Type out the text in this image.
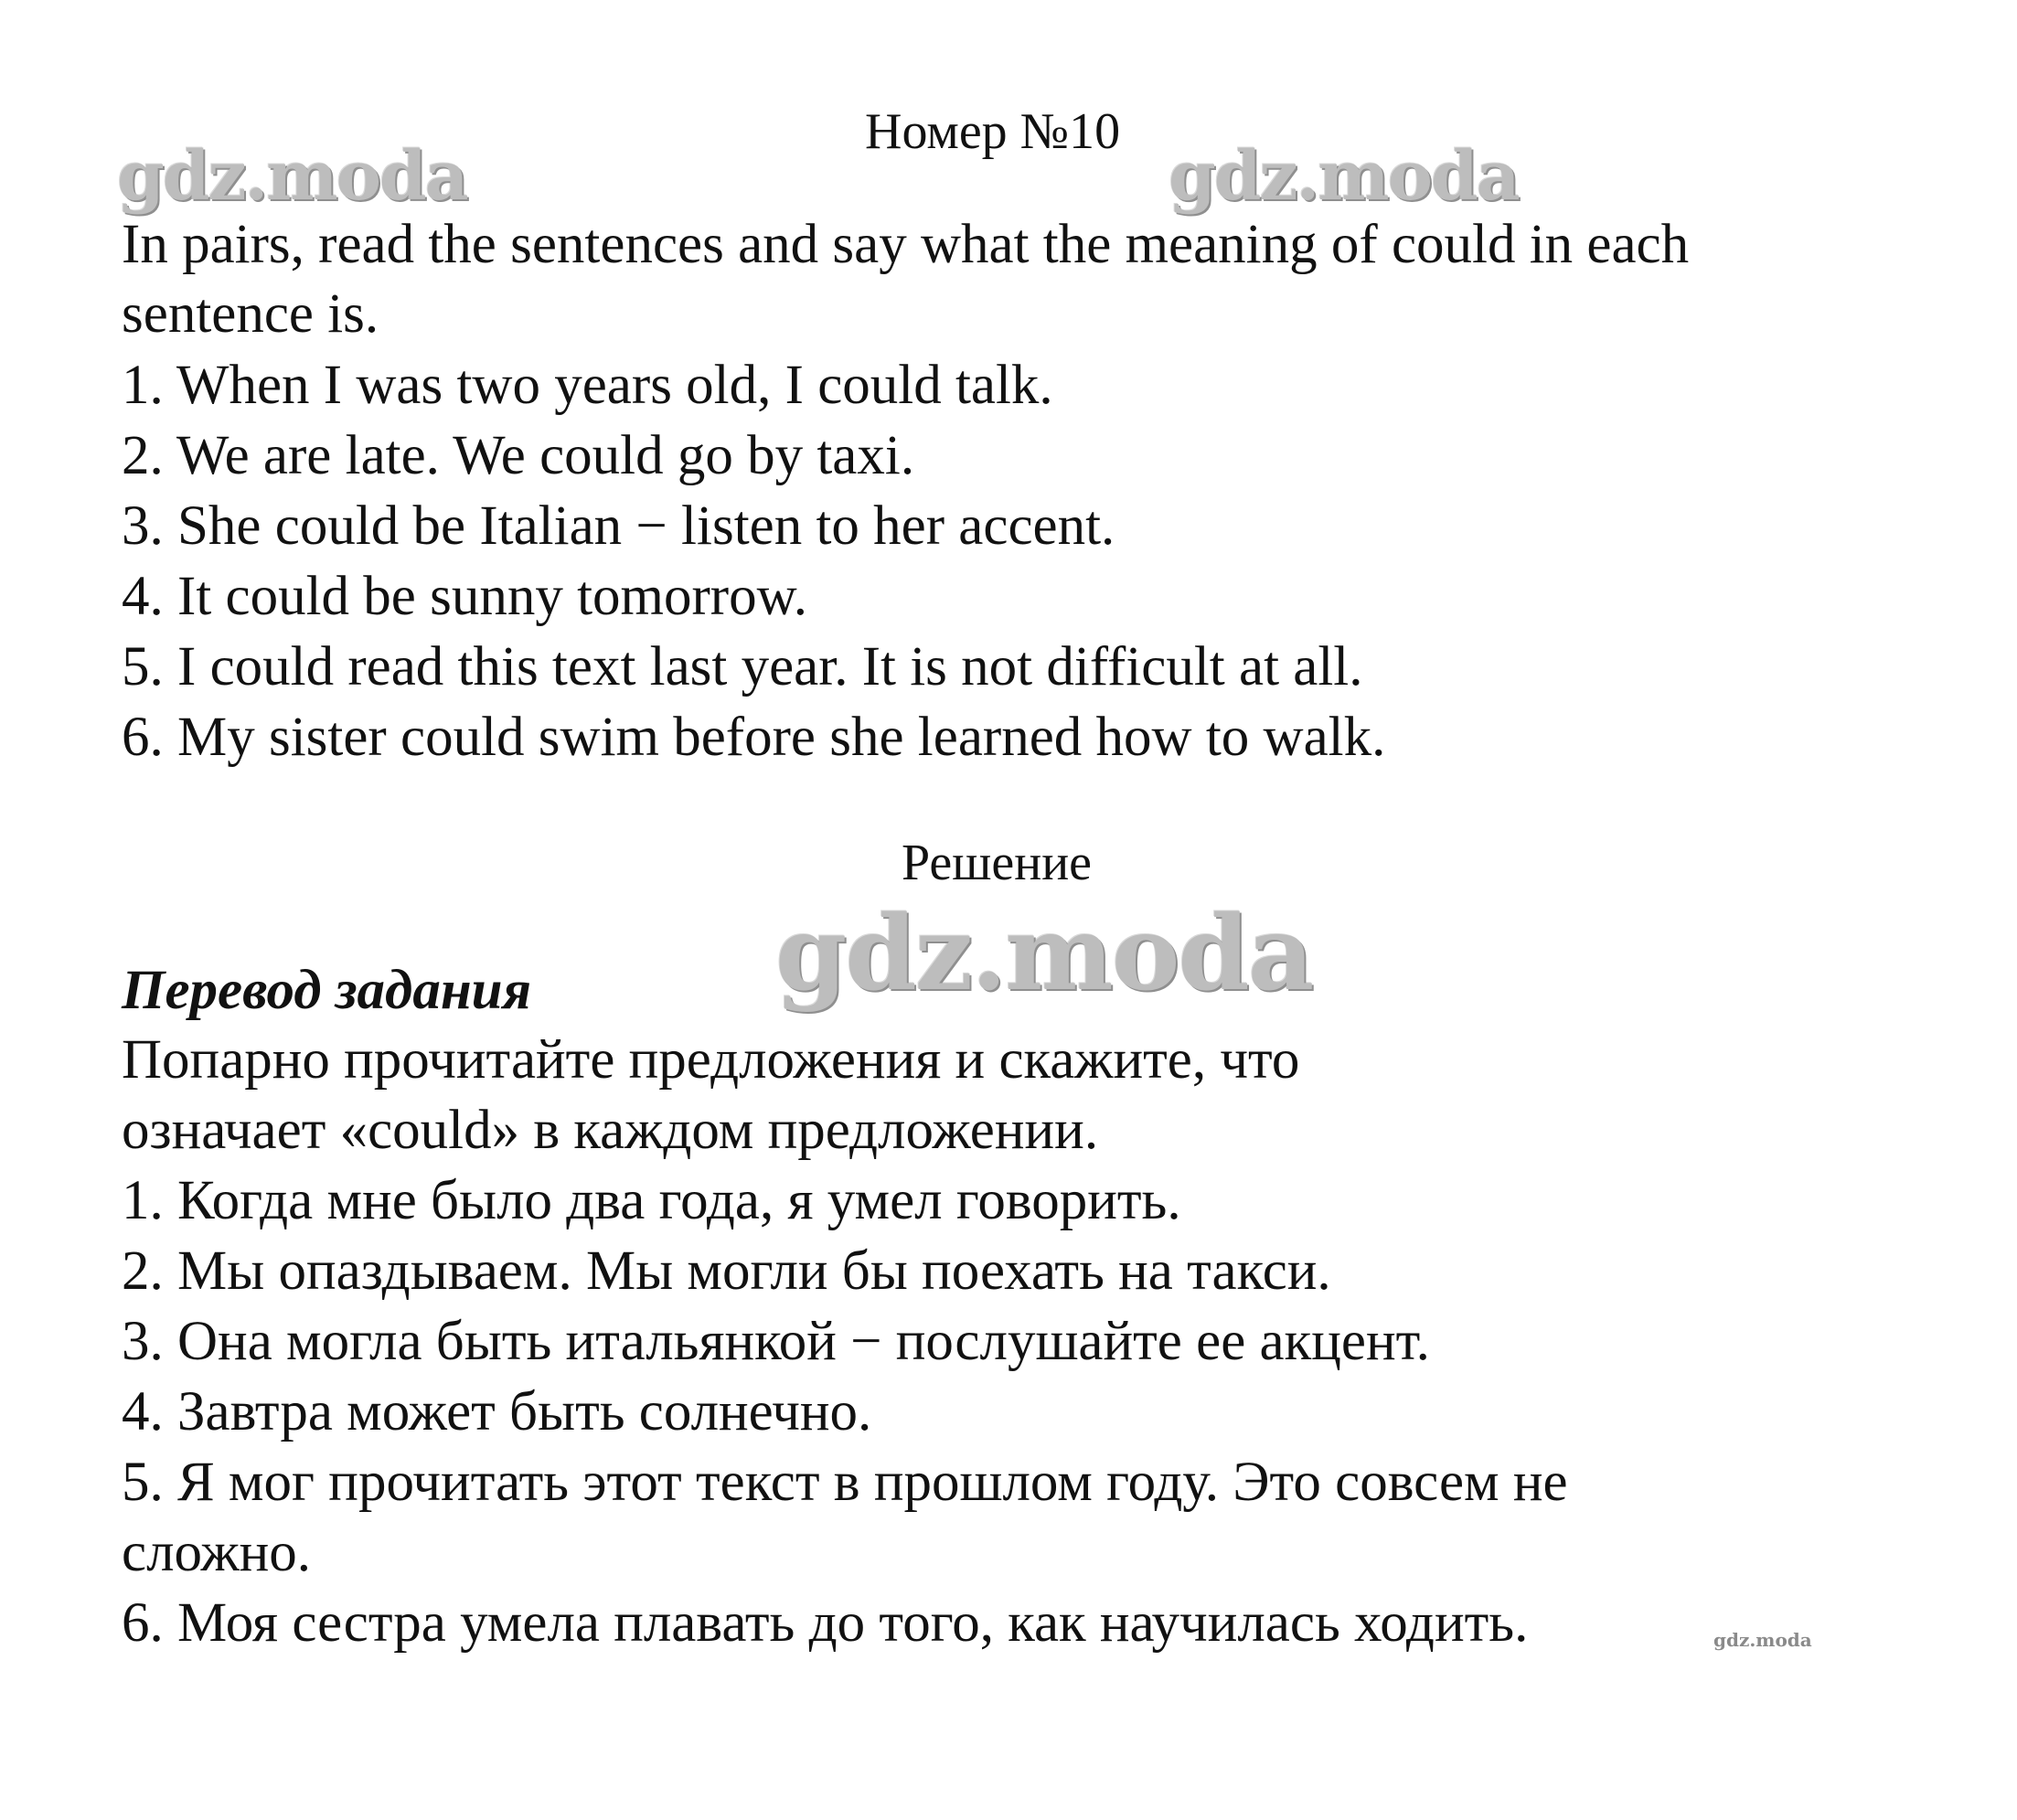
gdz.moda	gdz.moda
gdz.moda
Номер №10
In pairs, read the sentences and say what the meaning of could in each
sentence is.
1. When I was two years old, I could talk.
2. We are late. We could go by taxi.
3. She could be Italian − listen to her accent.
4. It could be sunny tomorrow.
5. I could read this text last year. It is not difficult at all.
6. My sister could swim before she learned how to walk.
Решение
Перевод задания
Попарно прочитайте предложения и скажите, что
означает «could» в каждом предложении.
1. Когда мне было два года, я умел говорить.
2. Мы опаздываем. Мы могли бы поехать на такси.
3. Она могла быть итальянкой − послушайте ее акцент.
4. Завтра может быть солнечно.
5. Я мог прочитать этот текст в прошлом году. Это совсем не
сложно.
6. Моя сестра умела плавать до того, как научилась ходить.	gdz.moda
